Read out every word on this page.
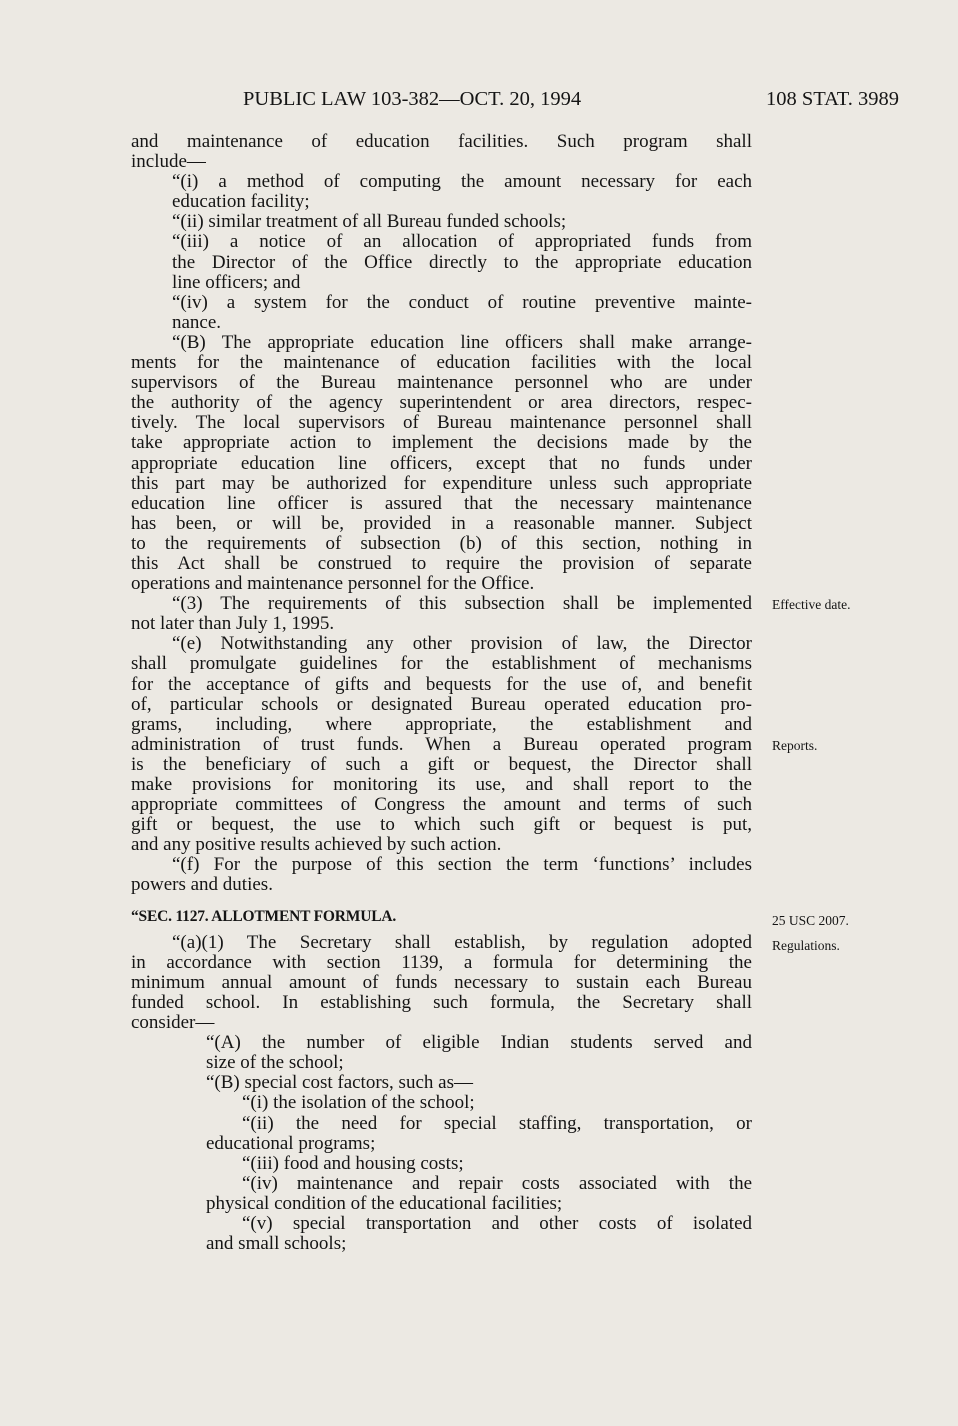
PUBLIC LAW 103-382—OCT. 20, 1994	108 STAT. 3989
and maintenance of education facilities. Such program shall
include—
“(i) a method of computing the amount necessary for each
education facility;
“(ii) similar treatment of all Bureau funded schools;
“(iii) a notice of an allocation of appropriated funds from
the Director of the Office directly to the appropriate education
line officers; and
“(iv) a system for the conduct of routine preventive mainte-
nance.
“(B) The appropriate education line officers shall make arrange-
ments for the maintenance of education facilities with the local
supervisors of the Bureau maintenance personnel who are under
the authority of the agency superintendent or area directors, respec-
tively. The local supervisors of Bureau maintenance personnel shall
take appropriate action to implement the decisions made by the
appropriate education line officers, except that no funds under
this part may be authorized for expenditure unless such appropriate
education line officer is assured that the necessary maintenance
has been, or will be, provided in a reasonable manner. Subject
to the requirements of subsection (b) of this section, nothing in
this Act shall be construed to require the provision of separate
operations and maintenance personnel for the Office.
“(3) The requirements of this subsection shall be implemented
not later than July 1, 1995.
“(e) Notwithstanding any other provision of law, the Director
shall promulgate guidelines for the establishment of mechanisms
for the acceptance of gifts and bequests for the use of, and benefit
of, particular schools or designated Bureau operated education pro-
grams, including, where appropriate, the establishment and
administration of trust funds. When a Bureau operated program
is the beneficiary of such a gift or bequest, the Director shall
make provisions for monitoring its use, and shall report to the
appropriate committees of Congress the amount and terms of such
gift or bequest, the use to which such gift or bequest is put,
and any positive results achieved by such action.
“(f) For the purpose of this section the term ‘functions’ includes
powers and duties.
“SEC. 1127. ALLOTMENT FORMULA.
“(a)(1) The Secretary shall establish, by regulation adopted
in accordance with section 1139, a formula for determining the
minimum annual amount of funds necessary to sustain each Bureau
funded school. In establishing such formula, the Secretary shall
consider—
“(A) the number of eligible Indian students served and
size of the school;
“(B) special cost factors, such as—
“(i) the isolation of the school;
“(ii) the need for special staffing, transportation, or
educational programs;
“(iii) food and housing costs;
“(iv) maintenance and repair costs associated with the
physical condition of the educational facilities;
“(v) special transportation and other costs of isolated
and small schools;
Effective date.
Reports.
25 USC 2007.
Regulations.
